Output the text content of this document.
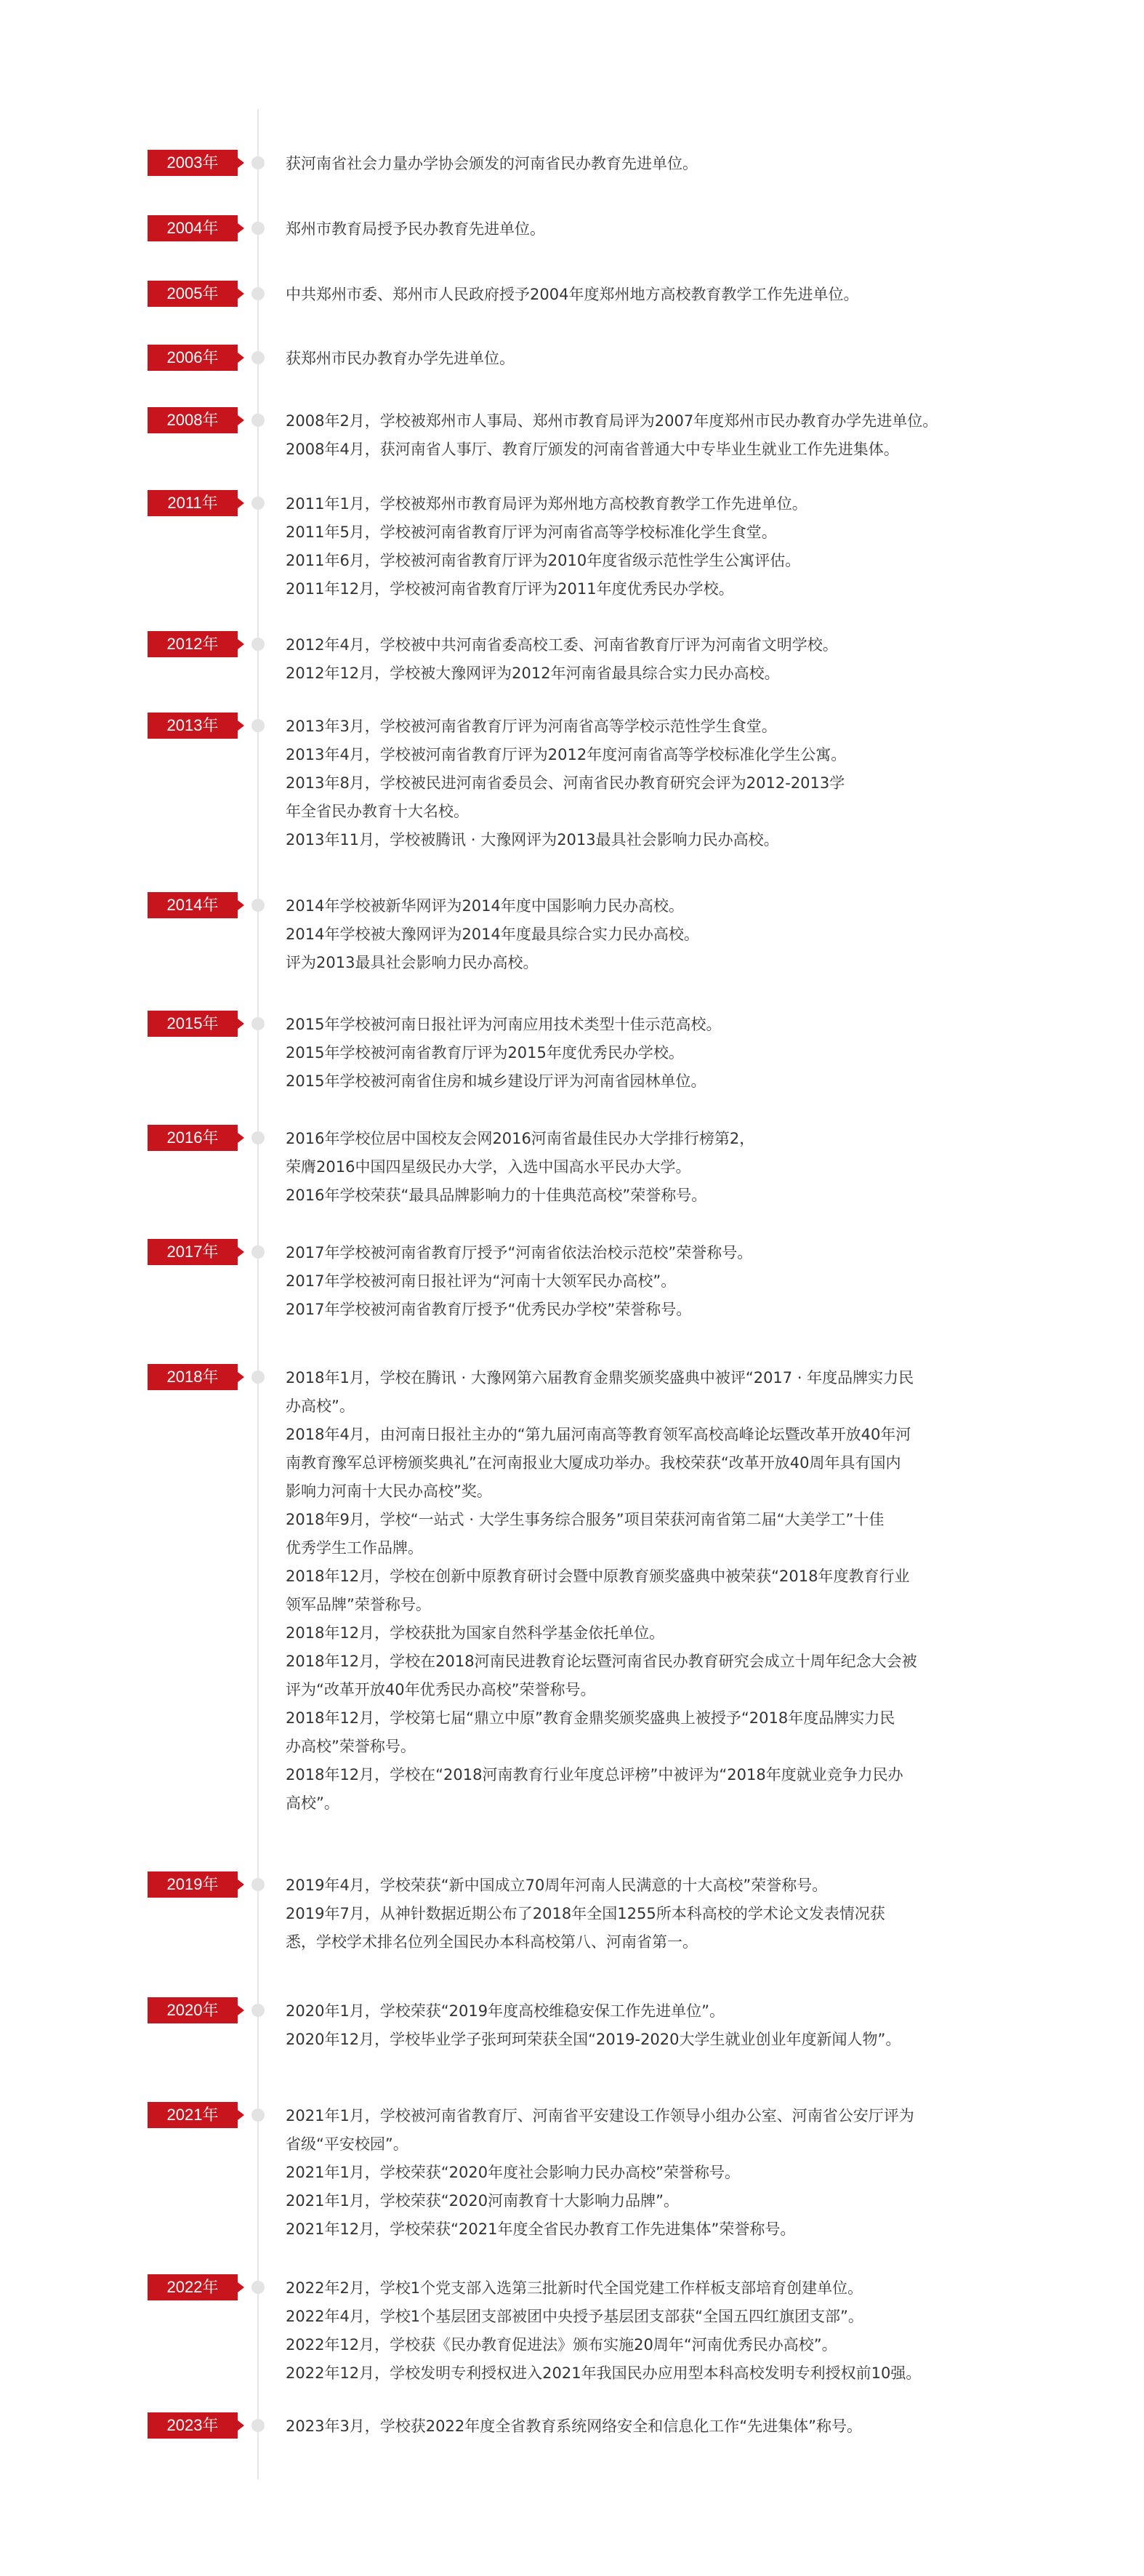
2003年	获河南省社会力量办学协会颁发的河南省民办教育先进单位。
2004年	郑州市教育局授予民办教育先进单位。
2005年	中共郑州市委、郑州市人民政府授予2004年度郑州地方高校教育教学工作先进单位。
2006年	获郑州市民办教育办学先进单位。
2008年	2008年2月，学校被郑州市人事局、郑州市教育局评为2007年度郑州市民办教育办学先进单位。
2008年4月，获河南省人事厅、教育厅颁发的河南省普通大中专毕业生就业工作先进集体。
2011年	2011年1月，学校被郑州市教育局评为郑州地方高校教育教学工作先进单位。
2011年5月，学校被河南省教育厅评为河南省高等学校标准化学生食堂。
2011年6月，学校被河南省教育厅评为2010年度省级示范性学生公寓评估。
2011年12月，学校被河南省教育厅评为2011年度优秀民办学校。
2012年	2012年4月，学校被中共河南省委高校工委、河南省教育厅评为河南省文明学校。
2012年12月，学校被大豫网评为2012年河南省最具综合实力民办高校。
2013年	2013年3月，学校被河南省教育厅评为河南省高等学校示范性学生食堂。
2013年4月，学校被河南省教育厅评为2012年度河南省高等学校标准化学生公寓。
2013年8月，学校被民进河南省委员会、河南省民办教育研究会评为2012-2013学
年全省民办教育十大名校。
2013年11月，学校被腾讯 · 大豫网评为2013最具社会影响力民办高校。
2014年	2014年学校被新华网评为2014年度中国影响力民办高校。
2014年学校被大豫网评为2014年度最具综合实力民办高校。
评为2013最具社会影响力民办高校。
2015年	2015年学校被河南日报社评为河南应用技术类型十佳示范高校。
2015年学校被河南省教育厅评为2015年度优秀民办学校。
2015年学校被河南省住房和城乡建设厅评为河南省园林单位。
2016年	2016年学校位居中国校友会网2016河南省最佳民办大学排行榜第2，
荣膺2016中国四星级民办大学，入选中国高水平民办大学。
2016年学校荣获“最具品牌影响力的十佳典范高校”荣誉称号。
2017年	2017年学校被河南省教育厅授予“河南省依法治校示范校”荣誉称号。
2017年学校被河南日报社评为“河南十大领军民办高校”。
2017年学校被河南省教育厅授予“优秀民办学校”荣誉称号。
2018年	2018年1月，学校在腾讯 · 大豫网第六届教育金鼎奖颁奖盛典中被评“2017 · 年度品牌实力民
办高校”。
2018年4月，由河南日报社主办的“第九届河南高等教育领军高校高峰论坛暨改革开放40年河
南教育豫军总评榜颁奖典礼”在河南报业大厦成功举办。我校荣获“改革开放40周年具有国内
影响力河南十大民办高校”奖。
2018年9月，学校“一站式 · 大学生事务综合服务”项目荣获河南省第二届“大美学工”十佳
优秀学生工作品牌。
2018年12月，学校在创新中原教育研讨会暨中原教育颁奖盛典中被荣获“2018年度教育行业
领军品牌”荣誉称号。
2018年12月，学校获批为国家自然科学基金依托单位。
2018年12月，学校在2018河南民进教育论坛暨河南省民办教育研究会成立十周年纪念大会被
评为“改革开放40年优秀民办高校”荣誉称号。
2018年12月，学校第七届“鼎立中原”教育金鼎奖颁奖盛典上被授予“2018年度品牌实力民
办高校”荣誉称号。
2018年12月，学校在“2018河南教育行业年度总评榜”中被评为“2018年度就业竞争力民办
高校”。
2019年	2019年4月，学校荣获“新中国成立70周年河南人民满意的十大高校”荣誉称号。
2019年7月，从神针数据近期公布了2018年全国1255所本科高校的学术论文发表情况获
悉，学校学术排名位列全国民办本科高校第八、河南省第一。
2020年	2020年1月，学校荣获“2019年度高校维稳安保工作先进单位”。
2020年12月，学校毕业学子张珂珂荣获全国“2019-2020大学生就业创业年度新闻人物”。
2021年	2021年1月，学校被河南省教育厅、河南省平安建设工作领导小组办公室、河南省公安厅评为
省级“平安校园”。
2021年1月，学校荣获“2020年度社会影响力民办高校”荣誉称号。
2021年1月，学校荣获“2020河南教育十大影响力品牌”。
2021年12月，学校荣获“2021年度全省民办教育工作先进集体”荣誉称号。
2022年	2022年2月，学校1个党支部入选第三批新时代全国党建工作样板支部培育创建单位。
2022年4月，学校1个基层团支部被团中央授予基层团支部获“全国五四红旗团支部”。
2022年12月，学校获《民办教育促进法》颁布实施20周年“河南优秀民办高校”。
2022年12月，学校发明专利授权进入2021年我国民办应用型本科高校发明专利授权前10强。
2023年	2023年3月，学校获2022年度全省教育系统网络安全和信息化工作“先进集体”称号。
